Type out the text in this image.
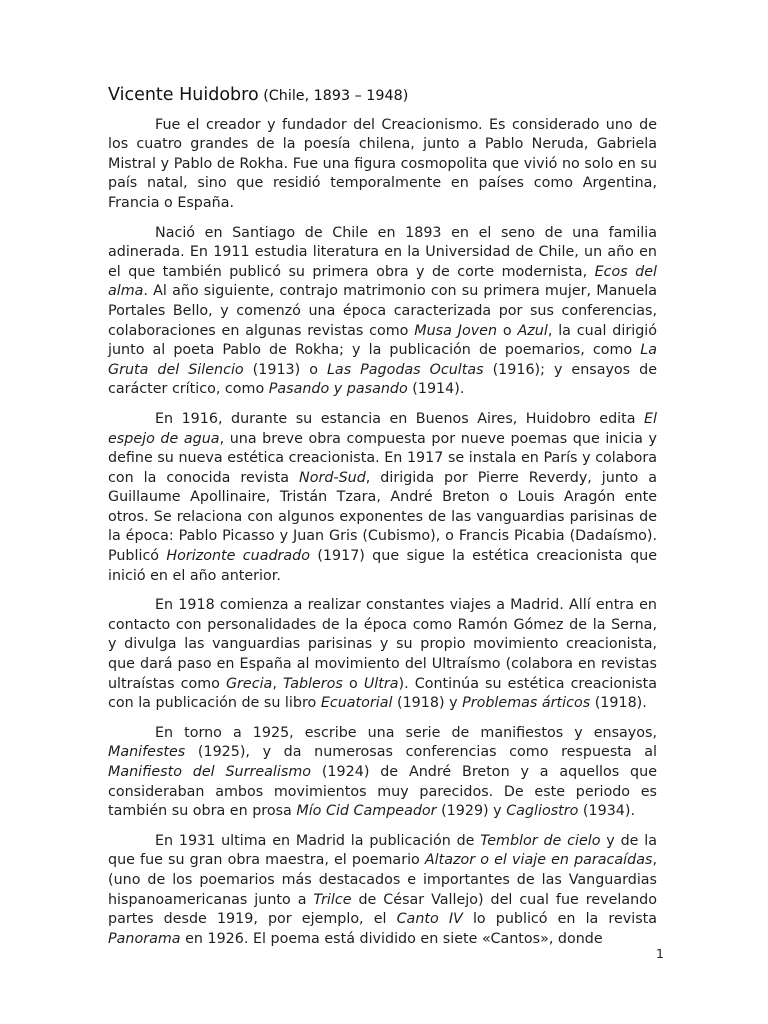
Vicente Huidobro (Chile, 1893 – 1948)

Fue el creador y fundador del Creacionismo. Es considerado uno de los cuatro grandes de la poesía chilena, junto a Pablo Neruda, Gabriela Mistral y Pablo de Rokha. Fue una figura cosmopolita que vivió no solo en su país natal, sino que residió temporalmente en países como Argentina, Francia o España.

Nació en Santiago de Chile en 1893 en el seno de una familia adinerada. En 1911 estudia literatura en la Universidad de Chile, un año en el que también publicó su primera obra y de corte modernista, Ecos del alma. Al año siguiente, contrajo matrimonio con su primera mujer, Manuela Portales Bello, y comenzó una época caracterizada por sus conferencias, colaboraciones en algunas revistas como Musa Joven o Azul, la cual dirigió junto al poeta Pablo de Rokha; y la publicación de poemarios, como La Gruta del Silencio (1913) o Las Pagodas Ocultas (1916); y ensayos de carácter crítico, como Pasando y pasando (1914).

En 1916, durante su estancia en Buenos Aires, Huidobro edita El espejo de agua, una breve obra compuesta por nueve poemas que inicia y define su nueva estética creacionista. En 1917 se instala en París y colabora con la conocida revista Nord-Sud, dirigida por Pierre Reverdy, junto a Guillaume Apollinaire, Tristán Tzara, André Breton o Louis Aragón ente otros. Se relaciona con algunos exponentes de las vanguardias parisinas de la época: Pablo Picasso y Juan Gris (Cubismo), o Francis Picabia (Dadaísmo). Publicó Horizonte cuadrado (1917) que sigue la estética creacionista que inició en el año anterior.

En 1918 comienza a realizar constantes viajes a Madrid. Allí entra en contacto con personalidades de la época como Ramón Gómez de la Serna, y divulga las vanguardias parisinas y su propio movimiento creacionista, que dará paso en España al movimiento del Ultraísmo (colabora en revistas ultraístas como Grecia, Tableros o Ultra). Continúa su estética creacionista con la publicación de su libro Ecuatorial (1918) y Problemas árticos (1918).

En torno a 1925, escribe una serie de manifiestos y ensayos, Manifestes (1925), y da numerosas conferencias como respuesta al Manifiesto del Surrealismo (1924) de André Breton y a aquellos que consideraban ambos movimientos muy parecidos. De este periodo es también su obra en prosa Mío Cid Campeador (1929) y Cagliostro (1934).

En 1931 ultima en Madrid la publicación de Temblor de cielo y de la que fue su gran obra maestra, el poemario Altazor o el viaje en paracaídas, (uno de los poemarios más destacados e importantes de las Vanguardias hispanoamericanas junto a Trilce de César Vallejo) del cual fue revelando partes desde 1919, por ejemplo, el Canto IV lo publicó en la revista Panorama en 1926. El poema está dividido en siete «Cantos», donde

1
